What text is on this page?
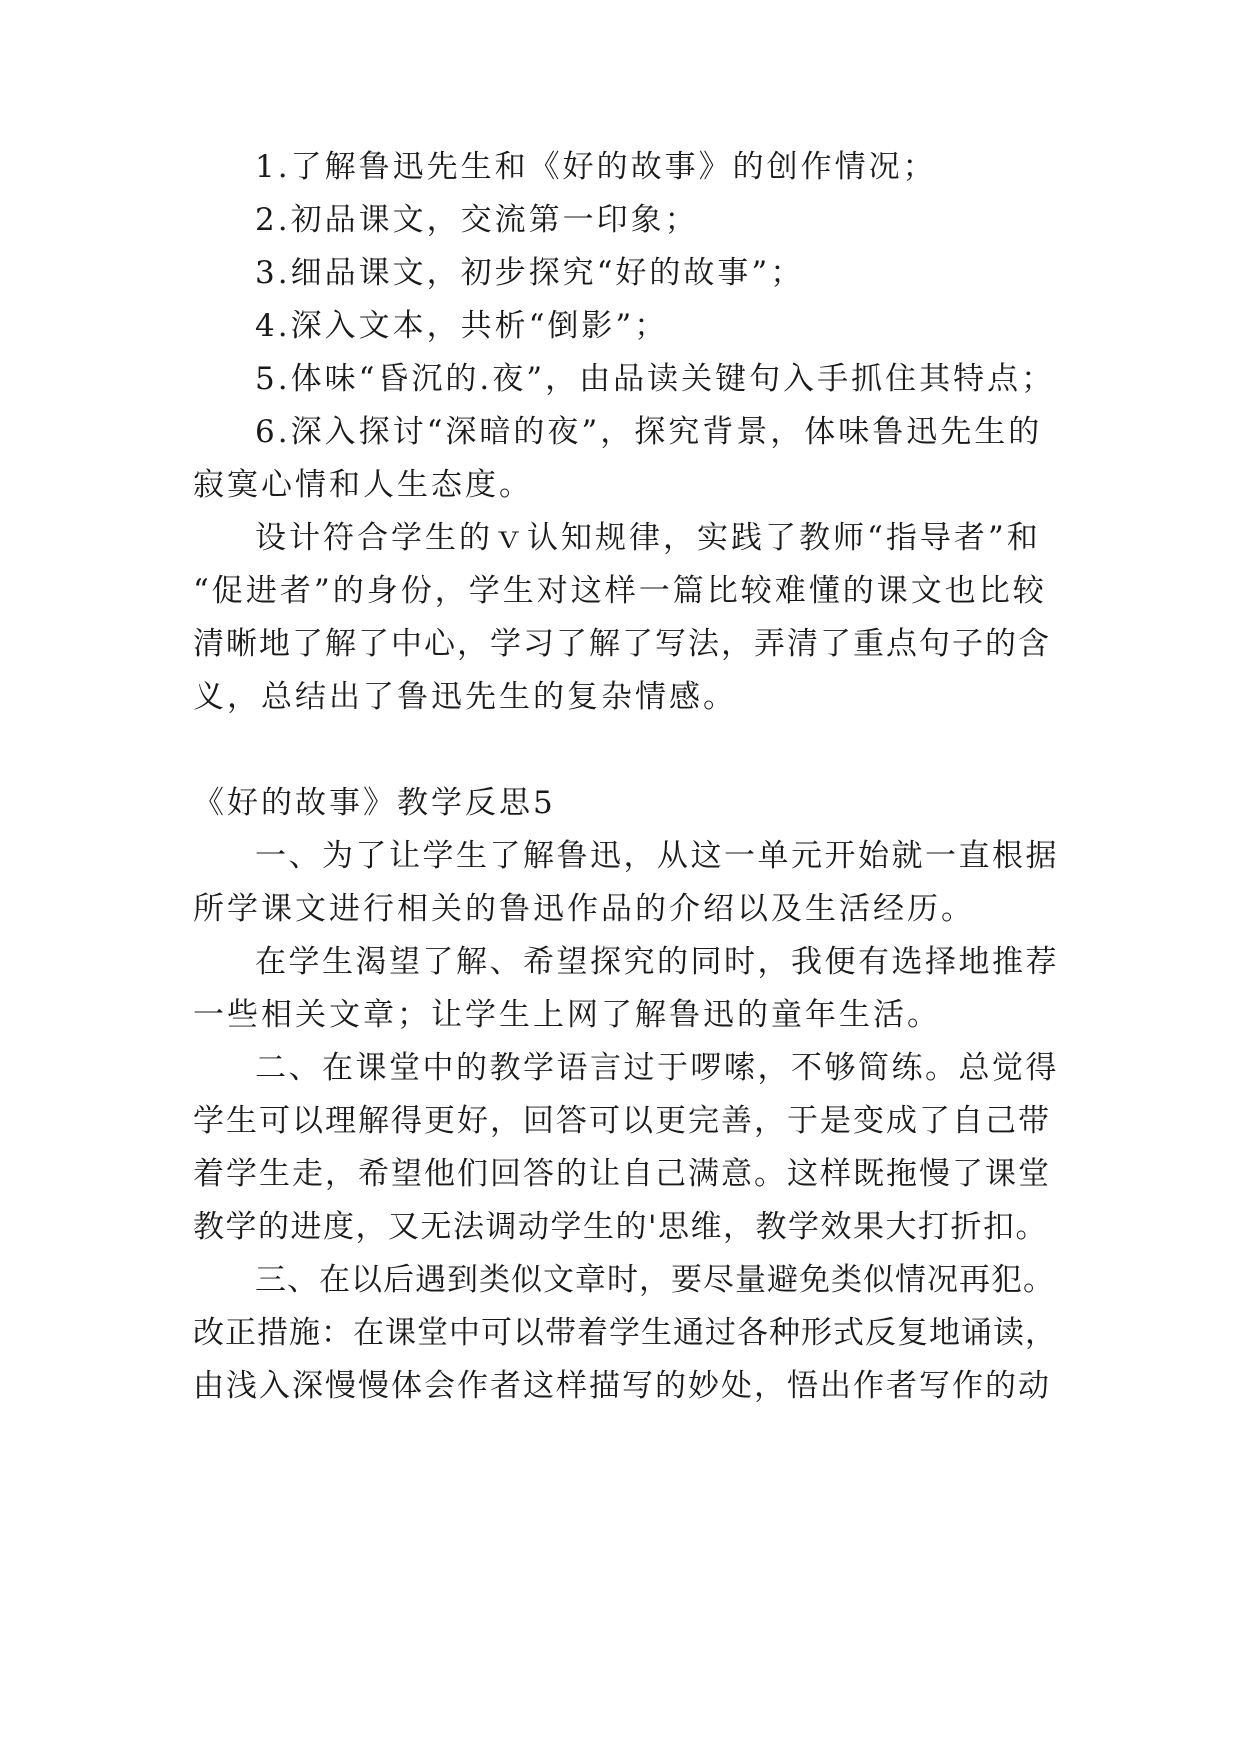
1.了解鲁迅先生和《好的故事》的创作情况；
2.初品课文，交流第一印象；
3.细品课文，初步探究“好的故事”；
4.深入文本，共析“倒影”；
5.体味“昏沉的.夜”，由品读关键句入手抓住其特点；
6.深入探讨“深暗的夜”，探究背景，体味鲁迅先生的
寂寞心情和人生态度。
设计符合学生的ｖ认知规律，实践了教师“指导者”和
“促进者”的身份，学生对这样一篇比较难懂的课文也比较
清晰地了解了中心，学习了解了写法，弄清了重点句子的含
义，总结出了鲁迅先生的复杂情感。
《好的故事》教学反思5
一、为了让学生了解鲁迅，从这一单元开始就一直根据
所学课文进行相关的鲁迅作品的介绍以及生活经历。
在学生渴望了解、希望探究的同时，我便有选择地推荐
一些相关文章；让学生上网了解鲁迅的童年生活。
二、在课堂中的教学语言过于啰嗦，不够简练。总觉得
学生可以理解得更好，回答可以更完善，于是变成了自己带
着学生走，希望他们回答的让自己满意。这样既拖慢了课堂
教学的进度，又无法调动学生的'思维，教学效果大打折扣。
三、在以后遇到类似文章时，要尽量避免类似情况再犯。
改正措施：在课堂中可以带着学生通过各种形式反复地诵读，
由浅入深慢慢体会作者这样描写的妙处，悟出作者写作的动
